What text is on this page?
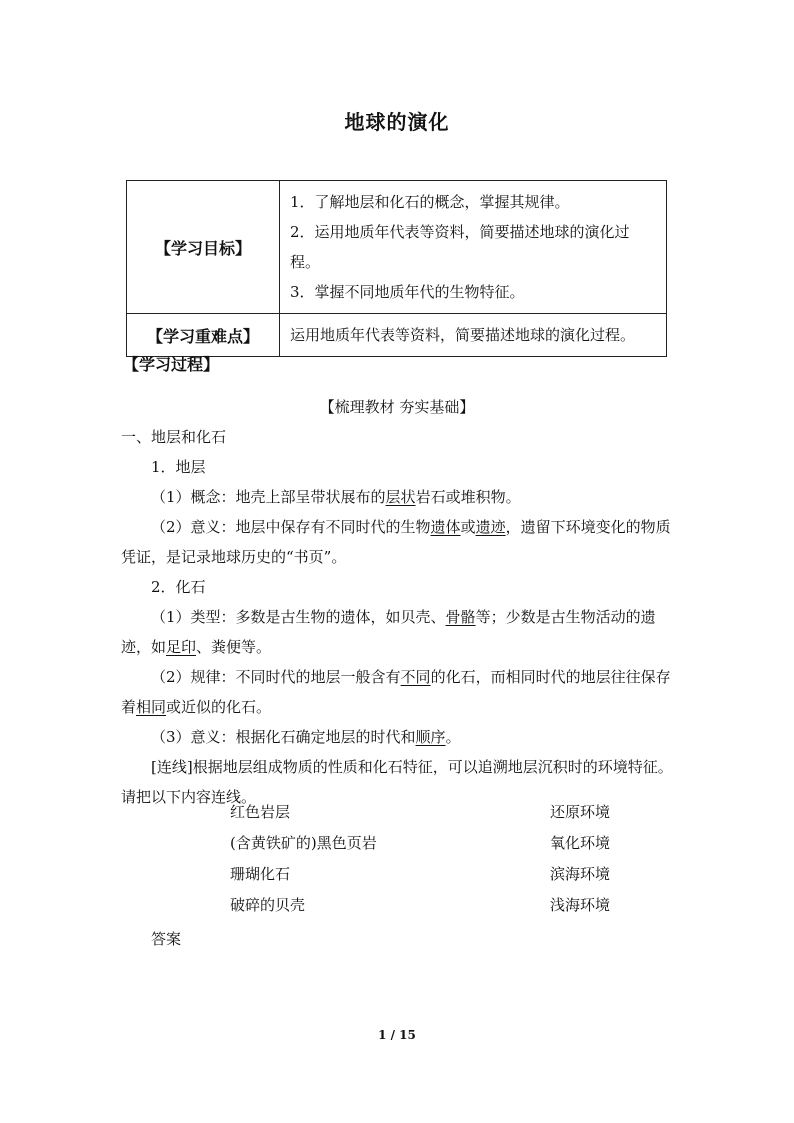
地球的演化
【学习目标】	1．了解地层和化石的概念，掌握其规律。
2．运用地质年代表等资料，简要描述地球的演化过
程。
3．掌握不同地质年代的生物特征。

【学习重难点】	运用地质年代表等资料，简要描述地球的演化过程。
【学习过程】
【梳理教材 夯实基础】

一、地层和化石

1．地层

（1）概念：地壳上部呈带状展布的层状岩石或堆积物。

（2）意义：地层中保存有不同时代的生物遗体或遗迹，遗留下环境变化的物质凭证，是记录地球历史的“书页”。

2．化石

（1）类型：多数是古生物的遗体，如贝壳、骨骼等；少数是古生物活动的遗迹，如足印、粪便等。

（2）规律：不同时代的地层一般含有不同的化石，而相同时代的地层往往保存着相同或近似的化石。

（3）意义：根据化石确定地层的时代和顺序。

[连线]根据地层组成物质的性质和化石特征，可以追溯地层沉积时的环境特征。请把以下内容连线。

红色岩层	还原环境
(含黄铁矿的)黑色页岩	氧化环境
珊瑚化石	滨海环境
破碎的贝壳	浅海环境
答案
1 / 15
